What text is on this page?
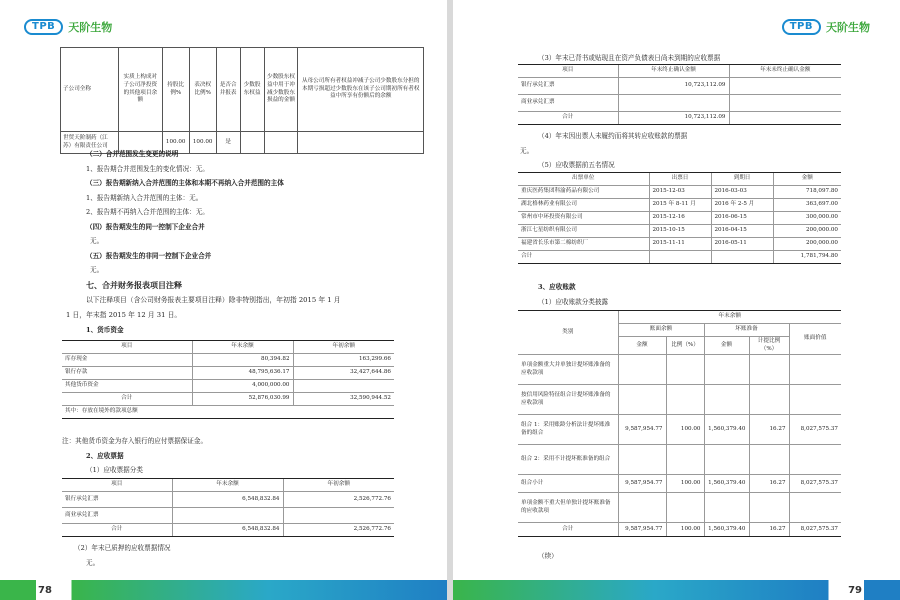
TPB	天阶生物
子公司全称	实质上构成对子公司净投资的其他项目余额	持股比例%	表决权比例%	是否合并报表	少数股东权益	少数股东权益中用于冲减少数股东损益的金额	从母公司所有者权益冲减子公司少数股东分担的本期亏损超过少数股东在该子公司期初所有者权益中所享有份额后的余额
世贸天阶制药（江苏）有限责任公司		100.00	100.00	是			
（二）合并范围发生变更的说明
1、报告期合并范围发生的变化情况：无。
（三）报告期新纳入合并范围的主体和本期不再纳入合并范围的主体
1、报告期新纳入合并范围的主体：无。
2、报告期不再纳入合并范围的主体：无。
（四）报告期发生的同一控制下企业合并
无。
（五）报告期发生的非同一控制下企业合并
无。
七、合并财务报表项目注释
以下注释项目（含公司财务报表主要项目注释）除非特别指出，年初指 2015 年 1 月
1 日，年末指 2015 年 12 月 31 日。
1、货币资金
项目	年末余额	年初余额
库存现金	80,394.82	163,299.66
银行存款	48,795,636.17	32,427,644.86
其他货币资金	4,000,000.00	
合计	52,876,030.99	32,590,944.52
其中：存放在境外的款项总额		
注：其他货币资金为存入银行的应付票据保证金。
2、应收票据
（1）应收票据分类
项目	年末余额	年初余额
银行承兑汇票	6,548,832.84	2,526,772.76
商业承兑汇票		
合计	6,548,832.84	2,526,772.76
（2）年末已质押的应收票据情况
无。
78
TPB	天阶生物
（3）年末已背书或贴现且在资产负债表日尚未到期的应收票据
项目	年末终止确认金额	年末未终止确认金额
银行承兑汇票	10,723,112.09	
商业承兑汇票		
合计	10,723,112.09	
（4）年末因出票人未履约而将其转应收账款的票据
无。
（5）应收票据前五名情况
出票单位	出票日	到期日	金额
重庆医药集团科渝药品有限公司	2015-12-03	2016-03-03	718,097.80
湖北格林药业有限公司	2015 年 8-11 月	2016 年 2-5 月	363,697.00
常州市中环投资有限公司	2015-12-16	2016-06-15	300,000.00
浙江七星纺织有限公司	2015-10-15	2016-04-15	200,000.00
福建省长乐市第二棉纺织厂	2015-11-11	2016-05-11	200,000.00
合计			1,781,794.80
3、应收账款
（1）应收账款分类披露
类别	年末余额				
	账面余额		坏账准备		账面价值
	金额	比例（%）	金额	计提比例（%）	
单项金额重大并单独计提坏账准备的应收款项					
按信用风险特征组合计提坏账准备的应收款项					
组合 1：采用账龄分析法计提坏账准备的组合	9,587,954.77	100.00	1,560,379.40	16.27	8,027,575.37
组合 2：采用不计提坏账准备的组合					
组合小计	9,587,954.77	100.00	1,560,379.40	16.27	8,027,575.37
单项金额不重大但单独计提坏账准备的应收款项					
合计	9,587,954.77	100.00	1,560,379.40	16.27	8,027,575.37
（续）
79
